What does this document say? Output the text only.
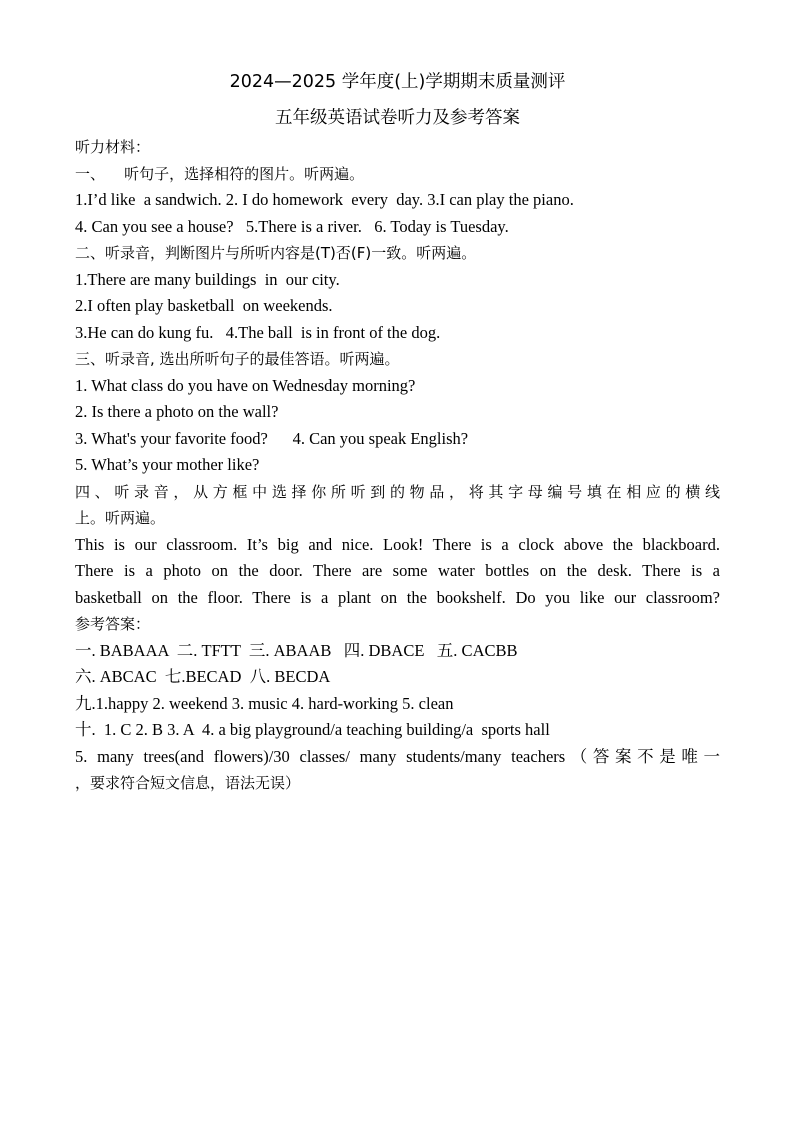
2024—2025 学年度(上)学期期末质量测评

五年级英语试卷听力及参考答案

听力材料：

一、    听句子，选择相符的图片。听两遍。

1.I’d like  a sandwich. 2. I do homework  every  day. 3.I can play the piano.

4. Can you see a house?   5.There is a river.   6. Today is Tuesday.

二、听录音，判断图片与所听内容是(T)否(F)一致。听两遍。

1.There are many buildings  in  our city.

2.I often play basketball  on weekends.

3.He can do kung fu.   4.The ball  is in front of the dog.

三、听录音, 选出所听句子的最佳答语。听两遍。

1. What class do you have on Wednesday morning?

2. Is there a photo on the wall?

3. What's your favorite food?      4. Can you speak English?

5. What’s your mother like?

四、听录音，从方框中选择你所听到的物品，将其字母编号填在相应的横线

上。听两遍。

This is our classroom. It’s big and nice. Look! There is a clock above the blackboard.

There is a photo on the door. There are some water bottles on the desk. There is a

basketball on the floor. There is a plant on the bookshelf. Do you like our classroom?

参考答案：

一. BABAAA  二. TFTT  三. ABAAB   四. DBACE   五. CACBB

六. ABCAC  七.BECAD  八. BECDA

九.1.happy 2. weekend 3. music 4. hard-working 5. clean

十.  1. C 2. B 3. A  4. a big playground/a teaching building/a  sports hall

5. many trees(and flowers)/30 classes/ many students/many teachers（答案不是唯一

，要求符合短文信息，语法无误）
